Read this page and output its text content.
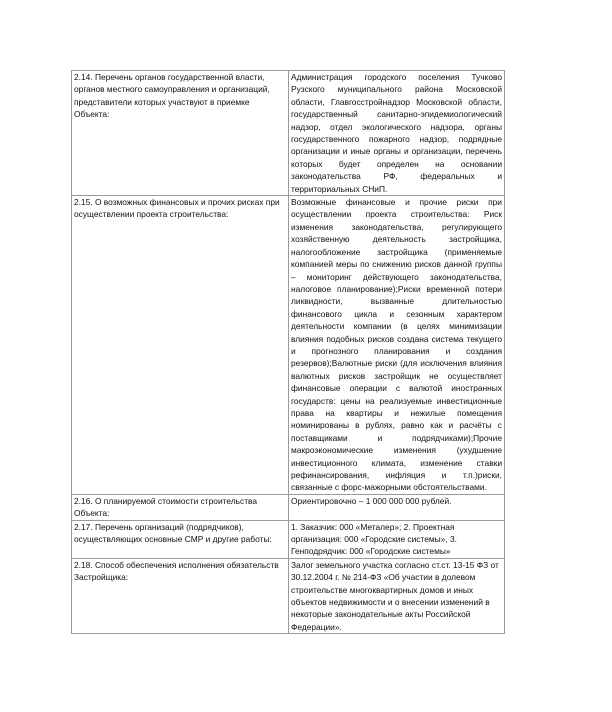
2.14. Перечень органов государственной власти, органов местного самоуправления и организаций, представители которых участвуют в приемке Объекта:	Администрация городского поселения Тучково Рузского муниципального района Московской области, Главгосстройнадзор Московской области, государственный санитарно-эпидемиологический надзор, отдел экологического надзора, органы государственного пожарного надзор, подрядные организации и иные органы и организации, перечень которых будет определен на основании законодательства РФ, федеральных и территориальных СНиП.
2.15. О возможных финансовых и прочих рисках при осуществлении проекта строительства:	Возможные финансовые и прочие риски при осуществлении проекта строительства: Риск изменения законодательства, регулирующего хозяйственную деятельность застройщика, налогообложение застройщика (применяемые компанией меры по снижению рисков данной группы – мониторинг действующего законодательства, налоговое планирование);Риски временной потери ликвидности, вызванные длительностью финансового цикла и сезонным характером деятельности компании (в целях минимизации влияния подобных рисков создана система текущего и прогнозного планирования и создания резервов);Валютные риски (для исключения влияния валютных рисков застройщик не осуществляет финансовые операции с валютой иностранных государств: цены на реализуемые инвестиционные права на квартиры и нежилые помещения номинированы в рублях, равно как и расчёты с поставщиками и подрядчиками);Прочие макроэкономические изменения (ухудшение инвестиционного климата, изменение ставки рефинансирования, инфляция и т.п.)риски, связанные с форс-мажорными обстоятельствами.
2.16. О планируемой стоимости строительства Объекта:	Ориентировочно – 1 000 000 000 рублей.
2.17. Перечень организаций (подрядчиков), осуществляющих основные СМР и другие работы:	1. Заказчик: 000 «Металер»; 2. Проектная организация: 000 «Городские системы», 3. Генподрядчик: 000 «Городские системы»
2.18. Способ обеспечения исполнения обязательств Застройщика:	Залог земельного участка согласно ст.ст. 13-15 ФЗ от 30.12.2004 г. № 214-ФЗ «Об участии в долевом строительстве многоквартирных домов и иных объектов недвижимости и о внесении изменений в некоторые законодательные акты Российской Федерации».
